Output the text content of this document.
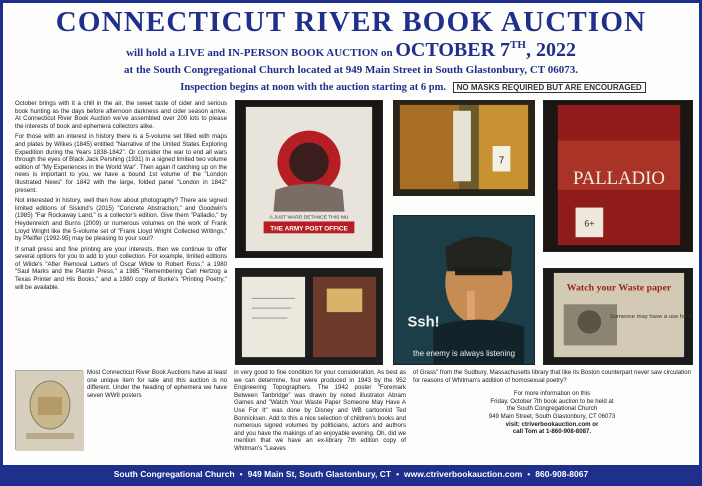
CONNECTICUT RIVER BOOK AUCTION
will hold a LIVE and IN-PERSON BOOK AUCTION on OCTOBER 7TH, 2022
at the South Congregational Church located at 949 Main Street in South Glastonbury, CT 06073.
Inspection begins at noon with the auction starting at 6 pm. NO MASKS REQUIRED BUT ARE ENCOURAGED

October brings with it a chill in the air, the sweet taste of cider and serious book hunting as the days before afternoon darkness and cider season arrive. At Connecticut River Book Auction we've assembled over 200 lots to please the interests of book and ephemera collectors alike.

For those with an interest in history there is a 5-volume set filled with maps and plates by Wilkes (1845) entitled "Narrative of the United States Exploring Expedition during the Years 1838-1842". Or consider the war to end all wars through the eyes of Black Jack Pershing (1931) in a signed limited two volume edition of "My Experiences in the World War". Then again if catching up on the news is important to you, we have a bound 1st volume of the "London Illustrated News" for 1842 with the large, folded panel "London in 1842" present.

Not interested in history, well then how about photography? There are signed limited editions of Siskind's (2015) "Concrete Abstraction," and Goodwin's (1985) "Far Rockaway Land," is a collector's edition. Give them "Palladio," by Heydenreich and Burns (2009) or numerous volumes on the work of Frank Lloyd Wright like the 5-volume set of "Frank Lloyd Wright Collected Writings," by Pfeiffer (1992-95) may be pleasing to your soul?

If small press and fine printing are your interests, then we continue to offer several options for you to add to your collection. For example, limited editions of Wilde's "After Removal Letters of Oscar Wilde to Robert Ross," a 1980 "Saul Marks and the Plantin Press," a 1985 "Remembering Carl Hertzog a Texas Printer and His Books," and a 1980 copy of Burke's "Printing Poetry," will be available.

Most Connecticut River Book Auctions have at least one unique item for sale and this auction is no different. Under the heading of ephemera we have seven WWII posters
in very good to fine condition for your consideration. As best as we can determine, four were produced in 1943 by the 952 Engineering Topographers. The 1942 poster "Foremark Between Tanbridge" was drawn by noted illustrator Abram Games and "Watch Your Waste Paper Someone May Have A Use For It" was done by Disney and WB cartoonist Ted Bonnicksen. Add to this a nice selection of children's books and numerous signed volumes by politicians, actors and authors and you have the makings of an enjoyable evening. Oh, did we mention that we have an ex-library 7th edition copy of Whitman's "Leaves

of Grass" from the Sudbury, Massachusetts library that like its Boston counterpart never saw circulation for reasons of Whitman's addition of homosexual poetry?

For more information on this
Friday, October 7th book auction to be held at
the South Congregational Church
949 Main Street, South Glastonbury, CT 06073
visit: ctriverbookauction.com or
call Tom at 1-860-908-8087.
A JUST WARD DETANCE THIS MU
THE ARMY POST OFFICE
7
PALLADIO
6+
Ssh!
the enemy is always listening
Watch your Waste paper
Someone may have a use for it
South Congregational Church • 949 Main St, South Glastonbury, CT • www.ctriverbookauction.com • 860-908-8067
